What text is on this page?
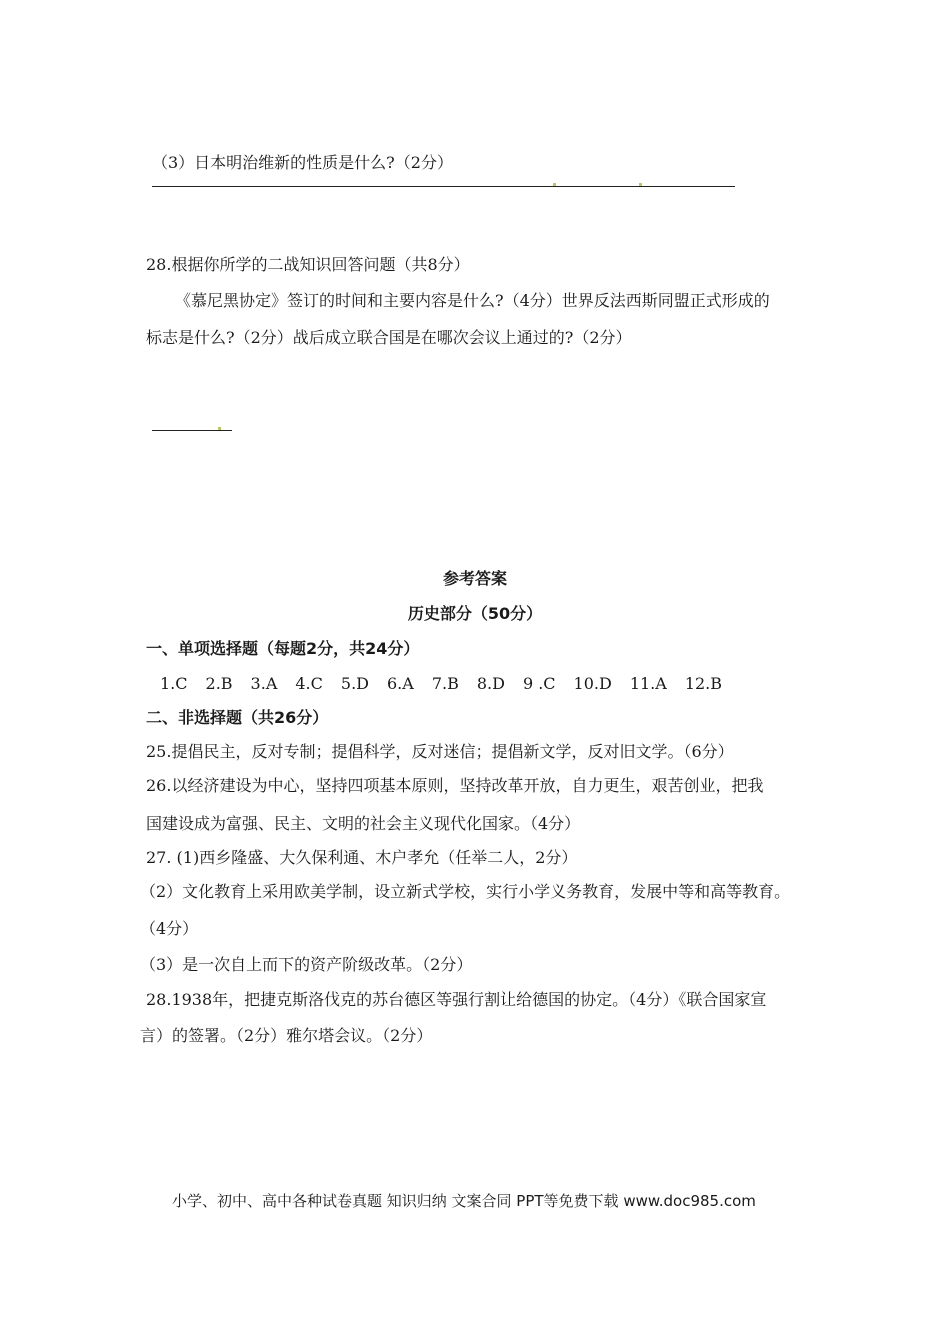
（3）日本明治维新的性质是什么?（2分）
28.根据你所学的二战知识回答问题（共8分）
《慕尼黑协定》签订的时间和主要内容是什么?（4分）世界反法西斯同盟正式形成的
标志是什么?（2分）战后成立联合国是在哪次会议上通过的?（2分）
参考答案
历史部分（50分）
一、单项选择题（每题2分，共24分）
1.C 2.B 3.A 4.C 5.D 6.A 7.B 8.D 9 .C 10.D 11.A 12.B
二、非选择题（共26分）
25.提倡民主，反对专制；提倡科学，反对迷信；提倡新文学，反对旧文学。（6分）
26.以经济建设为中心，坚持四项基本原则，坚持改革开放，自力更生，艰苦创业，把我
国建设成为富强、民主、文明的社会主义现代化国家。（4分）
27. (1)西乡隆盛、大久保利通、木户孝允（任举二人，2分）
（2）文化教育上采用欧美学制，设立新式学校，实行小学义务教育，发展中等和高等教育。
（4分）
（3）是一次自上而下的资产阶级改革。（2分）
28.1938年，把捷克斯洛伐克的苏台德区等强行割让给德国的协定。（4分）《联合国家宣
言）的签署。（2分）雅尔塔会议。（2分）
小学、初中、高中各种试卷真题 知识归纳 文案合同 PPT等免费下载 www.doc985.com
